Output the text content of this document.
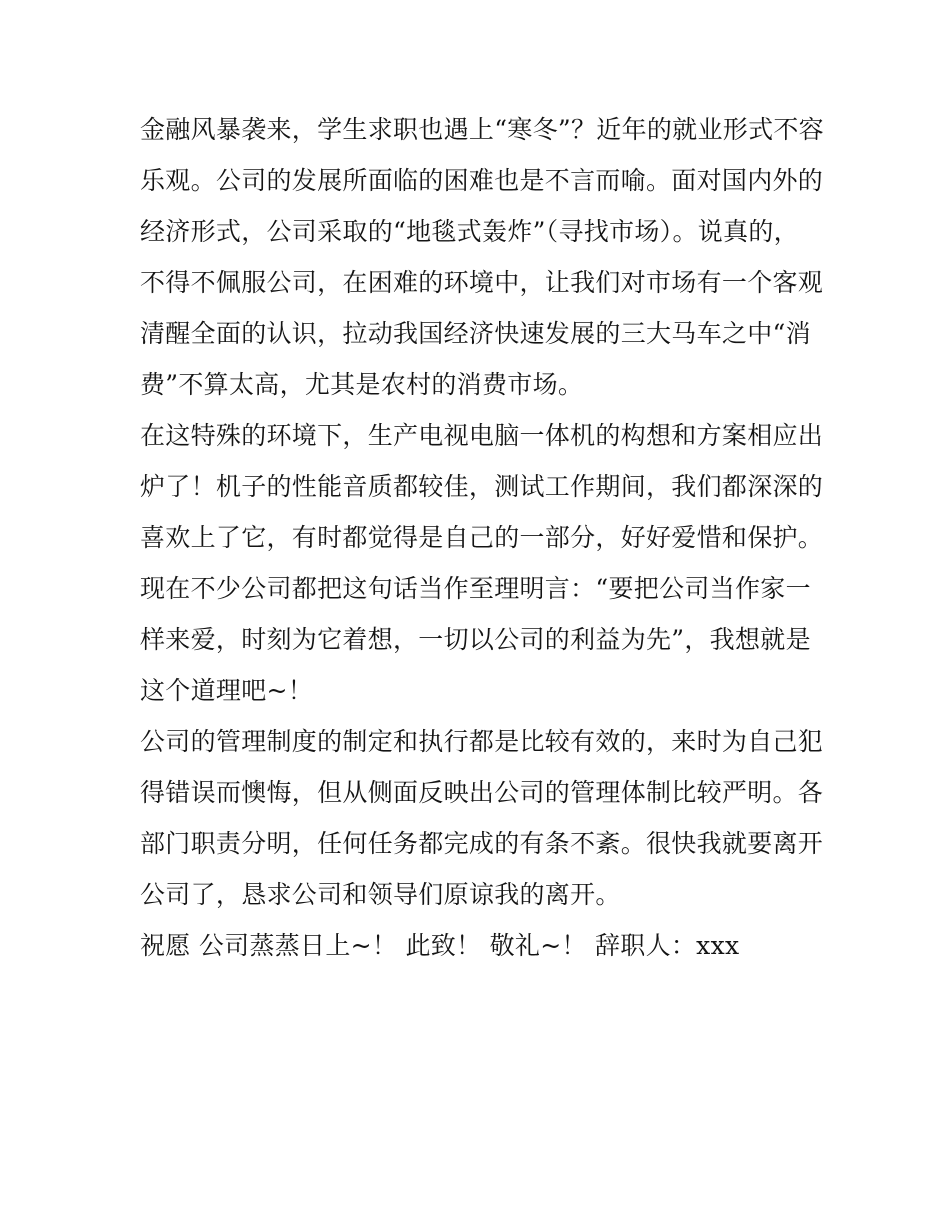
金融风暴袭来，学生求职也遇上“寒冬”？近年的就业形式不容
乐观。公司的发展所面临的困难也是不言而喻。面对国内外的
经济形式，公司采取的“地毯式轰炸”（寻找市场）。说真的，
不得不佩服公司，在困难的环境中，让我们对市场有一个客观
清醒全面的认识，拉动我国经济快速发展的三大马车之中“消
费”不算太高，尤其是农村的消费市场。

在这特殊的环境下，生产电视电脑一体机的构想和方案相应出
炉了！机子的性能音质都较佳，测试工作期间，我们都深深的
喜欢上了它，有时都觉得是自己的一部分，好好爱惜和保护。
现在不少公司都把这句话当作至理明言：“要把公司当作家一
样来爱，时刻为它着想，一切以公司的利益为先”，我想就是
这个道理吧~！

公司的管理制度的制定和执行都是比较有效的，来时为自己犯
得错误而懊悔，但从侧面反映出公司的管理体制比较严明。各
部门职责分明，任何任务都完成的有条不紊。很快我就要离开
公司了，恳求公司和领导们原谅我的离开。

祝愿 公司蒸蒸日上~！ 此致！ 敬礼~！ 辞职人：xxx
